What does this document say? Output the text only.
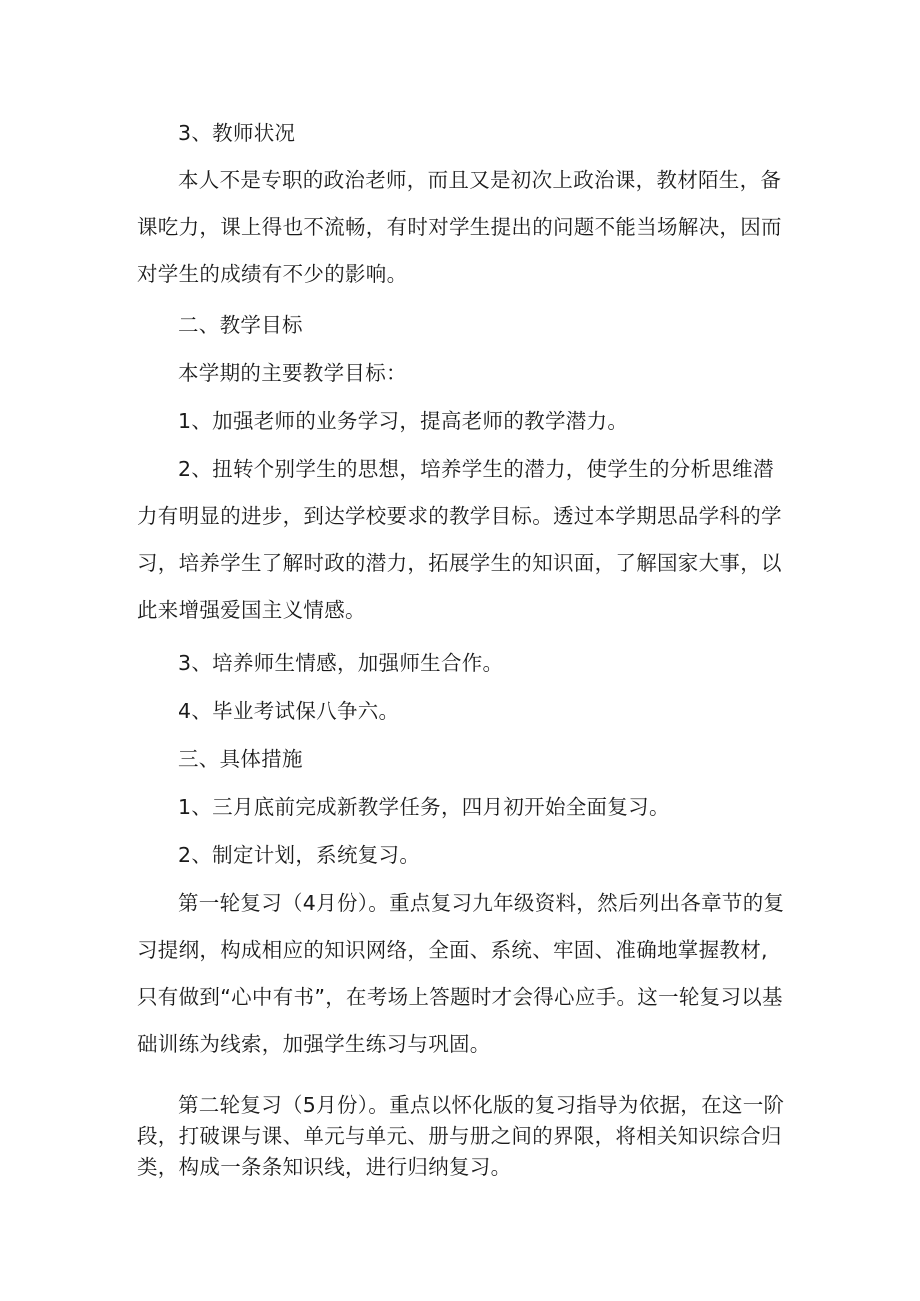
3、教师状况

本人不是专职的政治老师，而且又是初次上政治课，教材陌生，备课吃力，课上得也不流畅，有时对学生提出的问题不能当场解决，因而对学生的成绩有不少的影响。

二、教学目标

本学期的主要教学目标：

1、加强老师的业务学习，提高老师的教学潜力。

2、扭转个别学生的思想，培养学生的潜力，使学生的分析思维潜力有明显的进步，到达学校要求的教学目标。透过本学期思品学科的学习，培养学生了解时政的潜力，拓展学生的知识面，了解国家大事，以此来增强爱国主义情感。

3、培养师生情感，加强师生合作。

4、毕业考试保八争六。

三、具体措施

1、三月底前完成新教学任务，四月初开始全面复习。

2、制定计划，系统复习。

第一轮复习（4月份）。重点复习九年级资料，然后列出各章节的复习提纲，构成相应的知识网络，全面、系统、牢固、准确地掌握教材,只有做到“心中有书”，在考场上答题时才会得心应手。这一轮复习以基础训练为线索，加强学生练习与巩固。

第二轮复习（5月份）。重点以怀化版的复习指导为依据，在这一阶段，打破课与课、单元与单元、册与册之间的界限，将相关知识综合归类，构成一条条知识线，进行归纳复习。
